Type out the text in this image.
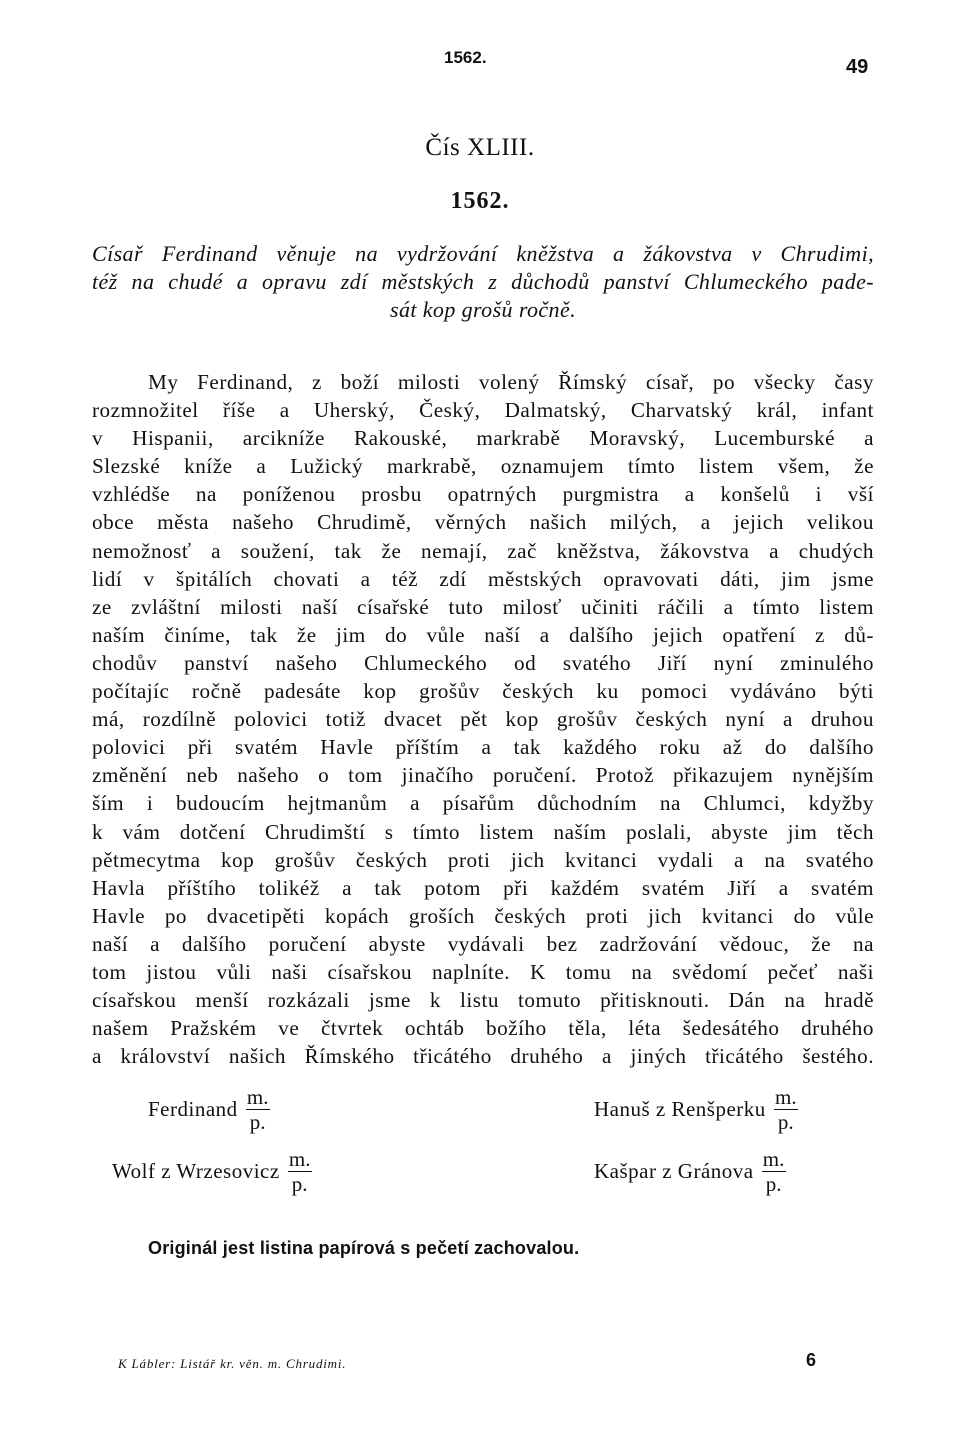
1562.	49
Čís XLIII.
1562.
Císař Ferdinand věnuje na vydržování kněžstva a žákovstva v Chrudimi,
též na chudé a opravu zdí městských z důchodů panství Chlumeckého pade-
sát kop grošů ročně.
My Ferdinand, z boží milosti volený Římský císař, po všecky časy
rozmnožitel říše a Uherský, Český, Dalmatský, Charvatský král, infant
v Hispanii, arcikníže Rakouské, markrabě Moravský, Lucemburské a
Slezské kníže a Lužický markrabě, oznamujem tímto listem všem, že
vzhlédše na poníženou prosbu opatrných purgmistra a konšelů i vší
obce města našeho Chrudimě, věrných našich milých, a jejich velikou
nemožnosť a soužení, tak že nemají, zač kněžstva, žákovstva a chudých
lidí v špitálích chovati a též zdí městských opravovati dáti, jim jsme
ze zvláštní milosti naší císařské tuto milosť učiniti ráčili a tímto listem
naším činíme, tak že jim do vůle naší a dalšího jejich opatření z dů-
chodův panství našeho Chlumeckého od svatého Jiří nyní zminulého
počítajíc ročně padesáte kop grošův českých ku pomoci vydáváno býti
má, rozdílně polovici totiž dvacet pět kop grošův českých nyní a druhou
polovici při svatém Havle příštím a tak každého roku až do dalšího
změnění neb našeho o tom jinačího poručení. Protož přikazujem nynějším
ším i budoucím hejtmanům a písařům důchodním na Chlumci, kdyžby
k vám dotčení Chrudimští s tímto listem naším poslali, abyste jim těch
pětmecytma kop grošův českých proti jich kvitanci vydali a na svatého
Havla příštího tolikéž a tak potom při každém svatém Jiří a svatém
Havle po dvacetipěti kopách groších českých proti jich kvitanci do vůle
naší a dalšího poručení abyste vydávali bez zadržování vědouc, že na
tom jistou vůli naši císařskou naplníte. K tomu na svědomí pečeť naši
císařskou menší rozkázali jsme k listu tomuto přitisknouti. Dán na hradě
našem Pražském ve čtvrtek ochtáb božího těla, léta šedesátého druhého
a království našich Římského třicátého druhého a jiných třicátého šestého.
Ferdinand m.
p.
Hanuš z Renšperku m.
p.
Wolf z Wrzesovicz m.
p.
Kašpar z Gránova m.
p.
Originál jest listina papírová s pečetí zachovalou.
K Lábler: Listář kr. věn. m. Chrudimi.	6
